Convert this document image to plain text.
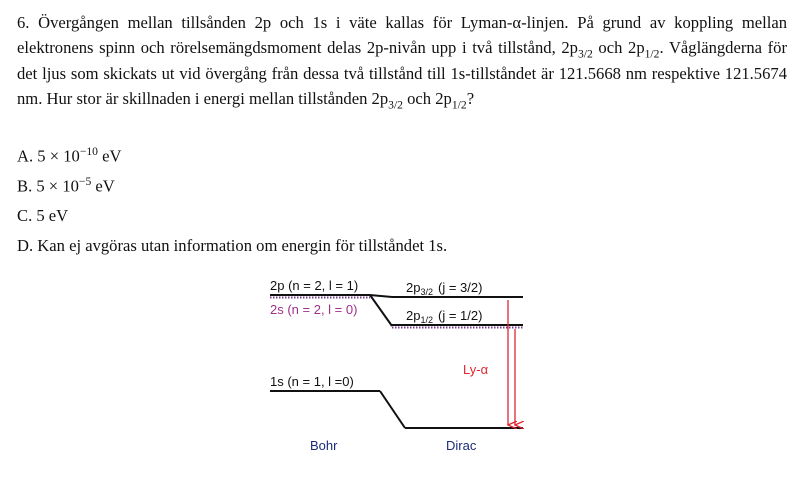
6. Övergången mellan tillsånden 2p och 1s i väte kallas för Lyman-α-linjen. På grund av koppling mellan elektronens spinn och rörelsemängdsmoment delas 2p-nivån upp i två tillstånd, $2p_{3/2}$ och $2p_{1/2}$. Våglängderna för det ljus som skickats ut vid övergång från dessa två tillstånd till 1s-tillståndet är 121.5668 nm respektive 121.5674 nm. Hur stor är skillnaden i energi mellan tillstånden $2p_{3/2}$ och $2p_{1/2}$?
A. $5 \times 10^{-10}$ eV
B. $5 \times 10^{-5}$ eV
C. 5 eV
D. Kan ej avgöras utan information om energin för tillståndet 1s.
2p (n = 2, l = 1)
2s (n = 2, l = 0)
$2p_{3/2}$ (j = 3/2)
$2p_{1/2}$ (j = 1/2)
1s (n = 1, l =0)
Ly-α
Bohr	Dirac
